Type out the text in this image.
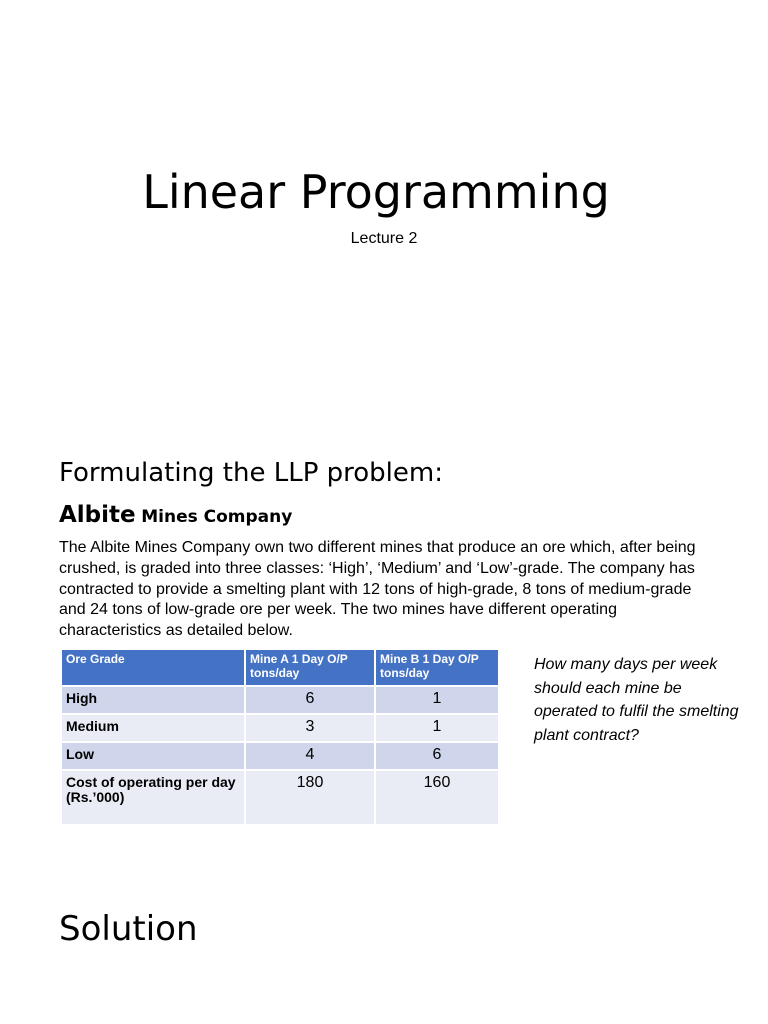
Linear Programming
Lecture 2
Formulating the LLP problem:
Albite Mines Company
The Albite Mines Company own two different mines that produce an ore which, after being crushed, is graded into three classes: ‘High’, ‘Medium’ and ‘Low’-grade. The company has contracted to provide a smelting plant with 12 tons of high-grade, 8 tons of medium-grade and 24 tons of low-grade ore per week. The two mines have different operating characteristics as detailed below.
Ore Grade	Mine A 1 Day O/P tons/day	Mine B 1 Day O/P tons/day
High	6	1
Medium	3	1
Low	4	6
Cost of operating per day (Rs.’000)	180	160
How many days per week should each mine be operated to fulfil the smelting plant contract?
Solution
